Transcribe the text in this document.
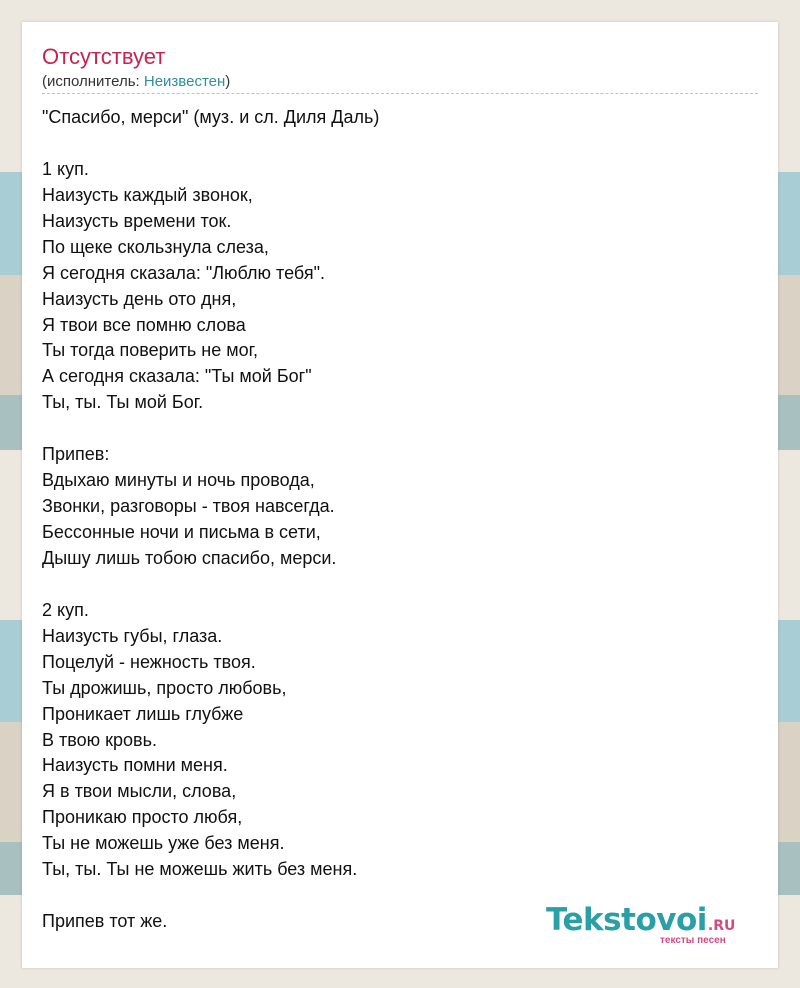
Отсутствует
(исполнитель: Неизвестен)
"Спасибо, мерси" (муз. и сл. Диля Даль)
1 куп.
Наизусть каждый звонок,
Наизусть времени ток.
По щеке скользнула слеза,
Я сегодня сказала: "Люблю тебя".
Наизусть день ото дня,
Я твои все помню слова
Ты тогда поверить не мог,
А сегодня сказала: "Ты мой Бог"
Ты, ты. Ты мой Бог.
Припев:
Вдыхаю минуты и ночь провода,
Звонки, разговоры - твоя навсегда.
Бессонные ночи и письма в сети,
Дышу лишь тобою спасибо, мерси.
2 куп.
Наизусть губы, глаза.
Поцелуй - нежность твоя.
Ты дрожишь, просто любовь,
Проникает лишь глубже
В твою кровь.
Наизусть помни меня.
Я в твои мысли, слова,
Проникаю просто любя,
Ты не можешь уже без меня.
Ты, ты. Ты не можешь жить без меня.
Припев тот же.	Tekstovoi.RU
тексты песен
